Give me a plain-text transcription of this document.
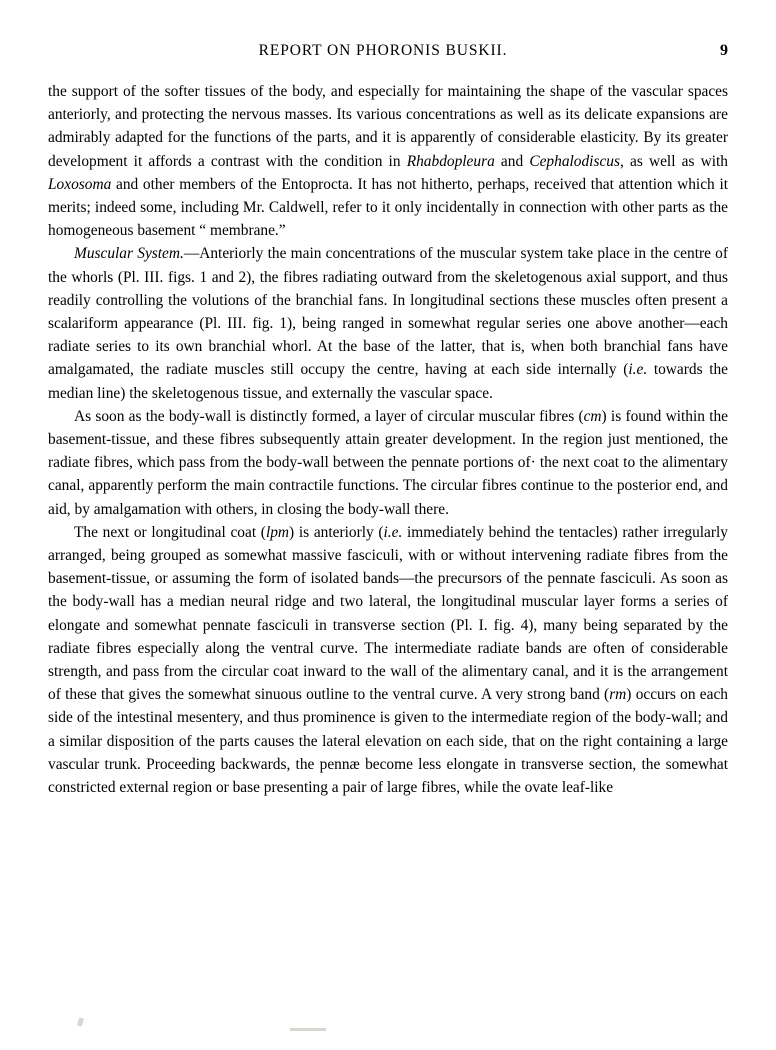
REPORT ON PHORONIS BUSKII.	9

the support of the softer tissues of the body, and especially for maintaining the shape of the vascular spaces anteriorly, and protecting the nervous masses. Its various concentrations as well as its delicate expansions are admirably adapted for the functions of the parts, and it is apparently of considerable elasticity. By its greater development it affords a contrast with the condition in Rhabdopleura and Cephalodiscus, as well as with Loxosoma and other members of the Entoprocta. It has not hitherto, perhaps, received that attention which it merits; indeed some, including Mr. Caldwell, refer to it only incidentally in connection with other parts as the homogeneous basement “ membrane.”

Muscular System.—Anteriorly the main concentrations of the muscular system take place in the centre of the whorls (Pl. III. figs. 1 and 2), the fibres radiating outward from the skeletogenous axial support, and thus readily controlling the volutions of the branchial fans. In longitudinal sections these muscles often present a scalariform appearance (Pl. III. fig. 1), being ranged in somewhat regular series one above another—each radiate series to its own branchial whorl. At the base of the latter, that is, when both branchial fans have amalgamated, the radiate muscles still occupy the centre, having at each side internally (i.e. towards the median line) the skeletogenous tissue, and externally the vascular space.

As soon as the body-wall is distinctly formed, a layer of circular muscular fibres (cm) is found within the basement-tissue, and these fibres subsequently attain greater development. In the region just mentioned, the radiate fibres, which pass from the body-wall between the pennate portions of· the next coat to the alimentary canal, apparently perform the main contractile functions. The circular fibres continue to the posterior end, and aid, by amalgamation with others, in closing the body-wall there.

The next or longitudinal coat (lpm) is anteriorly (i.e. immediately behind the tentacles) rather irregularly arranged, being grouped as somewhat massive fasciculi, with or without intervening radiate fibres from the basement-tissue, or assuming the form of isolated bands—the precursors of the pennate fasciculi. As soon as the body-wall has a median neural ridge and two lateral, the longitudinal muscular layer forms a series of elongate and somewhat pennate fasciculi in transverse section (Pl. I. fig. 4), many being separated by the radiate fibres especially along the ventral curve. The intermediate radiate bands are often of considerable strength, and pass from the circular coat inward to the wall of the alimentary canal, and it is the arrangement of these that gives the somewhat sinuous outline to the ventral curve. A very strong band (rm) occurs on each side of the intestinal mesentery, and thus prominence is given to the intermediate region of the body-wall; and a similar disposition of the parts causes the lateral elevation on each side, that on the right containing a large vascular trunk. Proceeding backwards, the pennæ become less elongate in transverse section, the somewhat constricted external region or base presenting a pair of large fibres, while the ovate leaf-like
